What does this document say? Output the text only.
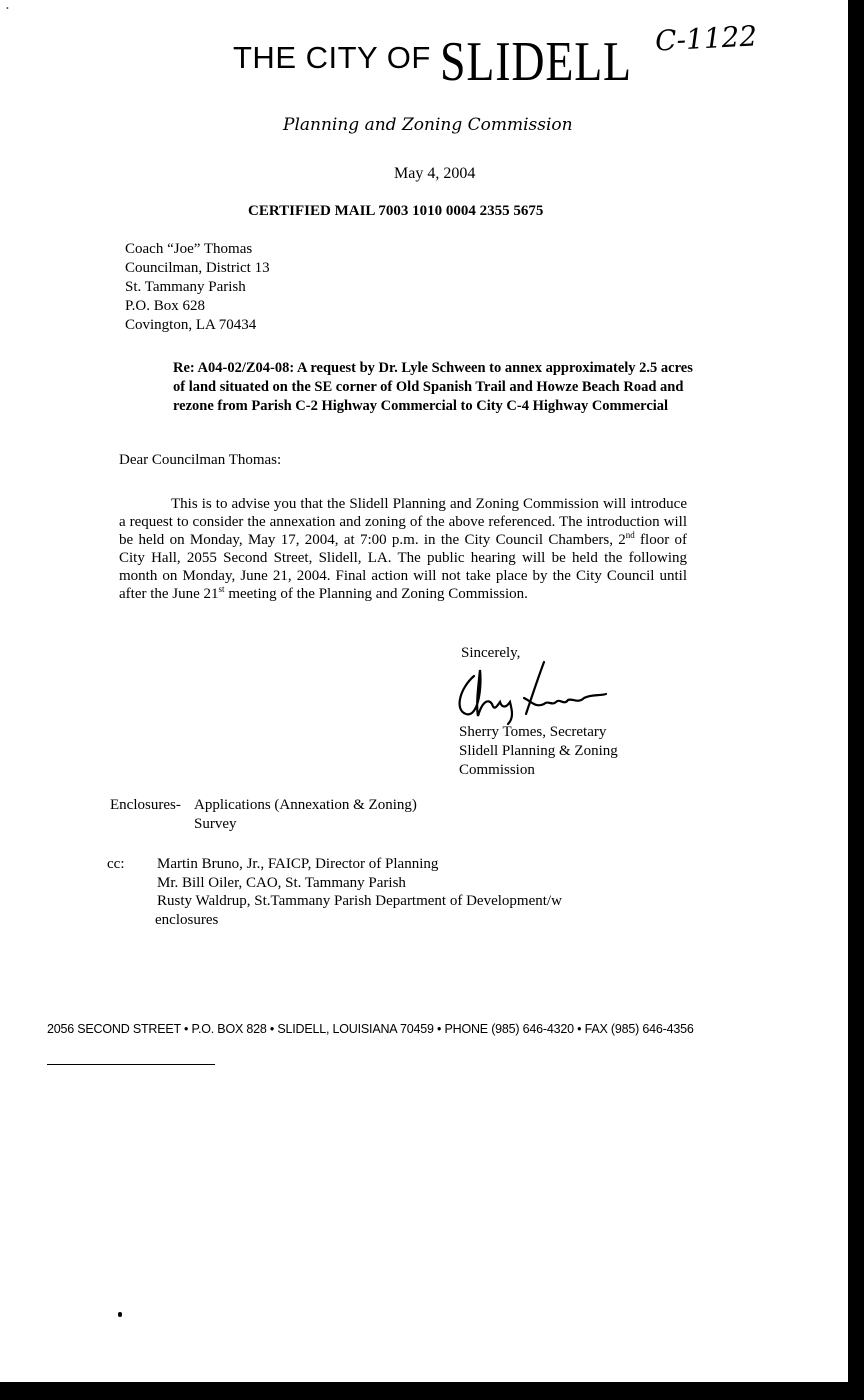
•
C-1122
THE CITY OF SLIDELL
Planning and Zoning Commission
May 4, 2004
CERTIFIED MAIL 7003 1010 0004 2355 5675
Coach “Joe” Thomas
Councilman, District 13
St. Tammany Parish
P.O. Box 628
Covington, LA 70434
Re: A04-02/Z04-08: A request by Dr. Lyle Schween to annex approximately 2.5 acres of land situated on the SE corner of Old Spanish Trail and Howze Beach Road and rezone from Parish C-2 Highway Commercial to City C-4 Highway Commercial
Dear Councilman Thomas:
This is to advise you that the Slidell Planning and Zoning Commission will introduce a request to consider the annexation and zoning of the above referenced. The introduction will be held on Monday, May 17, 2004, at 7:00 p.m. in the City Council Chambers, 2nd floor of City Hall, 2055 Second Street, Slidell, LA. The public hearing will be held the following month on Monday, June 21, 2004. Final action will not take place by the City Council until after the June 21st meeting of the Planning and Zoning Commission.
Sincerely,
Sherry Tomes, Secretary
Slidell Planning & Zoning
Commission
Enclosures- Applications (Annexation & Zoning)
Survey
cc: Martin Bruno, Jr., FAICP, Director of Planning
Mr. Bill Oiler, CAO, St. Tammany Parish
Rusty Waldrup, St.Tammany Parish Department of Development/w
enclosures
2056 SECOND STREET • P.O. BOX 828 • SLIDELL, LOUISIANA 70459 • PHONE (985) 646-4320 • FAX (985) 646-4356
